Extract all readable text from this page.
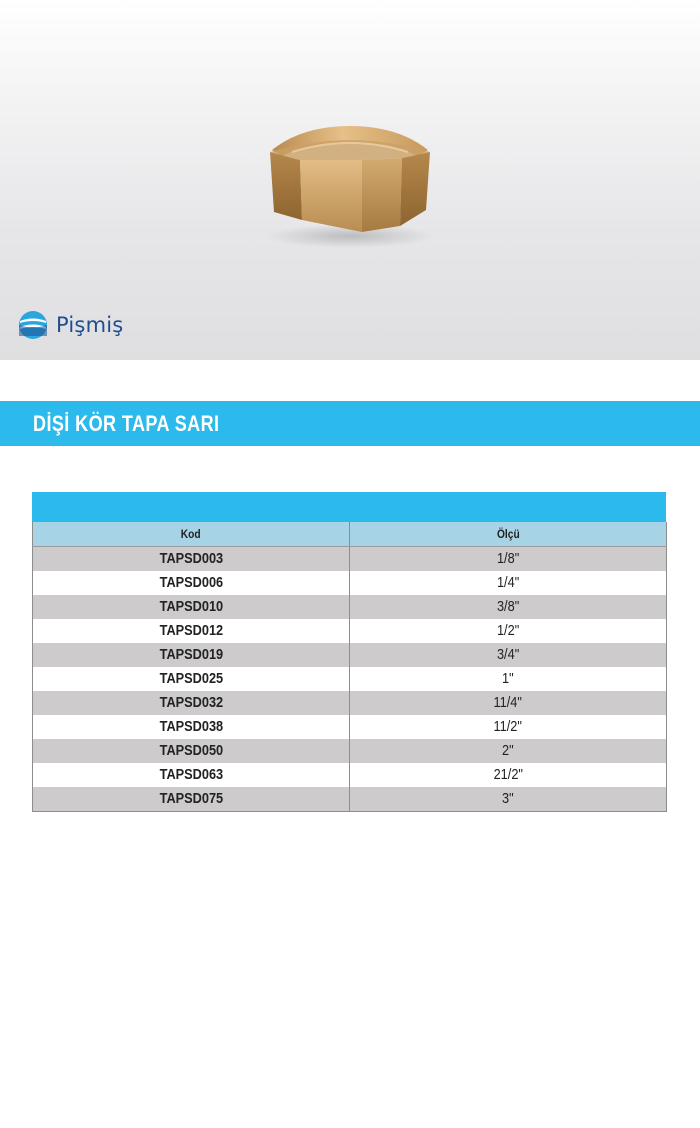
Pişmiş
DİŞİ KÖR TAPA SARI
Kod	Ölçü
TAPSD003	1/8"
TAPSD006	1/4"
TAPSD010	3/8"
TAPSD012	1/2"
TAPSD019	3/4"
TAPSD025	1"
TAPSD032	11/4"
TAPSD038	11/2"
TAPSD050	2"
TAPSD063	21/2"
TAPSD075	3"
